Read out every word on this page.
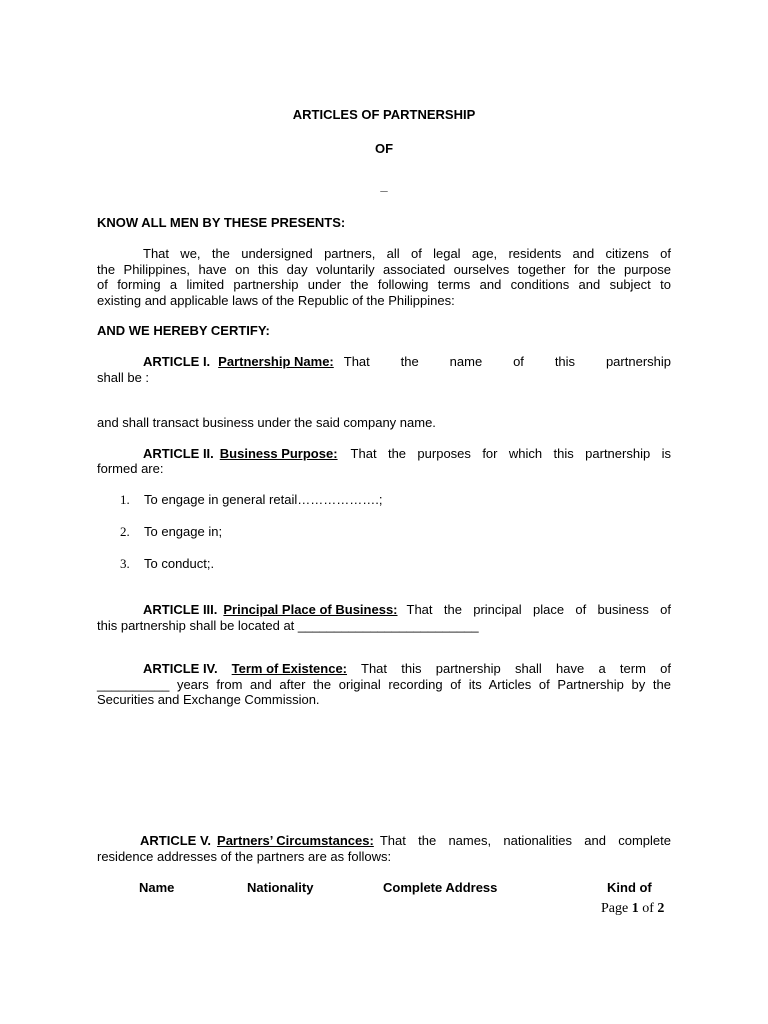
ARTICLES OF PARTNERSHIP
OF
_
KNOW ALL MEN BY THESE PRESENTS:
That we, the undersigned partners, all of legal age, residents and citizens of
the Philippines, have on this day voluntarily associated ourselves together for the purpose
of forming a limited partnership under the following terms and conditions and subject to
existing and applicable laws of the Republic of the Philippines:
AND WE HEREBY CERTIFY:
ARTICLE I. Partnership Name: That the name of this partnership
shall be :
and shall transact business under the said company name.
ARTICLE II. Business Purpose: That the purposes for which this partnership is
formed are:
1. To engage in general retail……………….;
2. To engage in;
3. To conduct;.
ARTICLE III. Principal Place of Business: That the principal place of business of
this partnership shall be located at _________________________
ARTICLE IV. Term of Existence: That this partnership shall have a term of
__________ years from and after the original recording of its Articles of Partnership by the
Securities and Exchange Commission.
ARTICLE V. Partners’ Circumstances: That the names, nationalities and complete
residence addresses of the partners are as follows:
Name	Nationality	Complete Address	Kind of
Page 1 of 2
